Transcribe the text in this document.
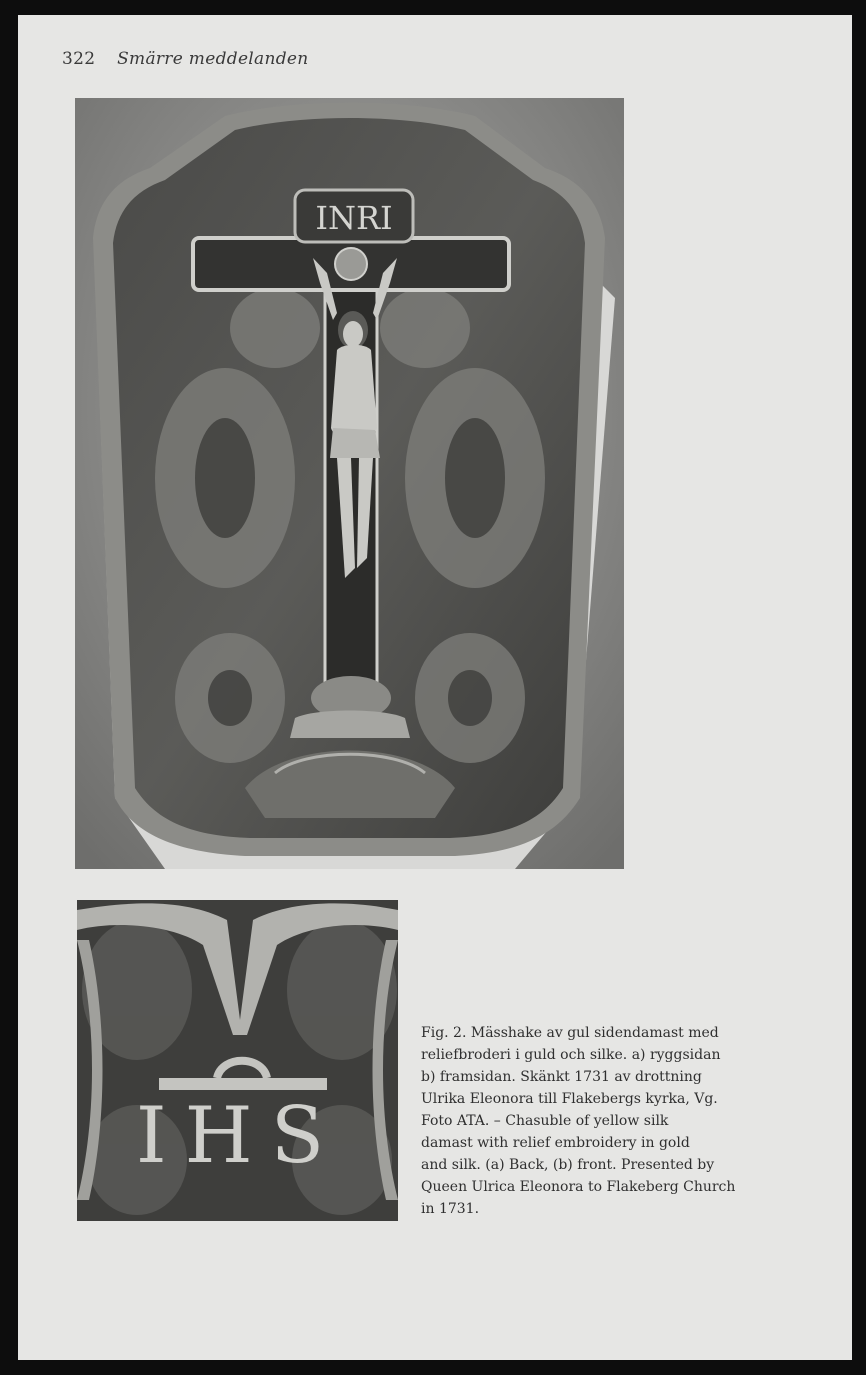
322 Smärre meddelanden
INRI
IHS
Fig. 2. Mässhake av gul sidendamast med
reliefbroderi i guld och silke. a) ryggsidan
b) framsidan. Skänkt 1731 av drottning
Ulrika Eleonora till Flakebergs kyrka, Vg.
Foto ATA. – Chasuble of yellow silk
damast with relief embroidery in gold
and silk. (a) Back, (b) front. Presented by
Queen Ulrica Eleonora to Flakeberg Church
in 1731.
